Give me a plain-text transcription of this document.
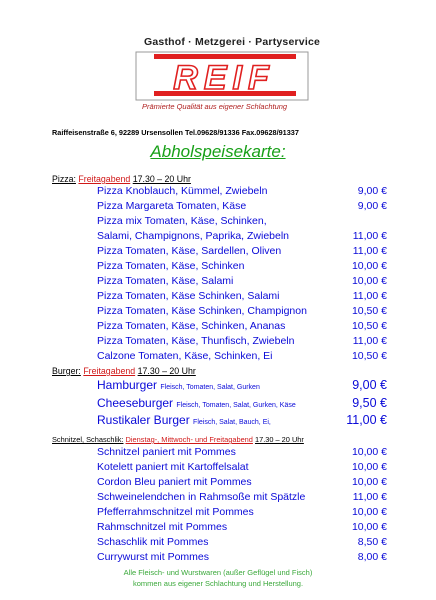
Gasthof · Metzgerei · Partyservice
REIF
Prämierte Qualität aus eigener Schlachtung
Raiffeisenstraße 6, 92289 Ursensollen Tel.09628/91336 Fax.09628/91337
Abholspeisekarte:
Pizza: Freitagabend 17.30 – 20 Uhr
Pizza Knoblauch, Kümmel, Zwiebeln	9,00 €
Pizza Margareta Tomaten, Käse	9,00 €
Pizza mix Tomaten, Käse, Schinken,
Salami, Champignons, Paprika, Zwiebeln	11,00 €
Pizza Tomaten, Käse, Sardellen, Oliven	11,00 €
Pizza Tomaten, Käse, Schinken	10,00 €
Pizza Tomaten, Käse, Salami	10,00 €
Pizza Tomaten, Käse Schinken, Salami	11,00 €
Pizza Tomaten, Käse Schinken, Champignon	10,50 €
Pizza Tomaten, Käse, Schinken, Ananas	10,50 €
Pizza Tomaten, Käse, Thunfisch, Zwiebeln	11,00 €
Calzone Tomaten, Käse, Schinken, Ei	10,50 €
Burger: Freitagabend 17.30 – 20 Uhr
Hamburger Fleisch, Tomaten, Salat, Gurken	9,00 €
Cheeseburger Fleisch, Tomaten, Salat, Gurken, Käse	9,50 €
Rustikaler Burger Fleisch, Salat, Bauch, Ei,	11,00 €
Schnitzel, Schaschlik: Dienstag-, Mittwoch- und Freitagabend 17.30 – 20 Uhr
Schnitzel paniert mit Pommes	10,00 €
Kotelett paniert mit Kartoffelsalat	10,00 €
Cordon Bleu paniert mit Pommes	10,00 €
Schweinelendchen in Rahmsoße mit Spätzle	11,00 €
Pfefferrahmschnitzel mit Pommes	10,00 €
Rahmschnitzel mit Pommes	10,00 €
Schaschlik mit Pommes	8,50 €
Currywurst mit Pommes	8,00 €
Alle Fleisch- und Wurstwaren (außer Geflügel und Fisch)
kommen aus eigener Schlachtung und Herstellung.
